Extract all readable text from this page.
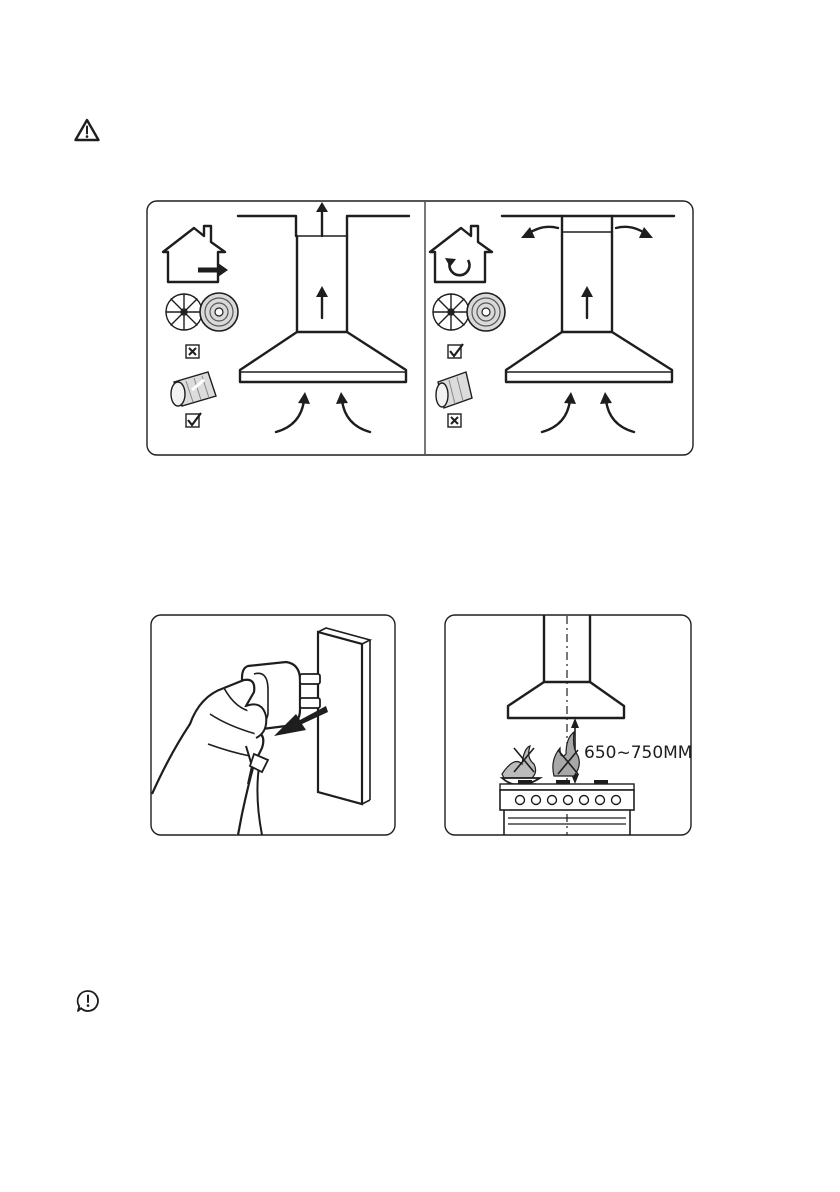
650~750MM
